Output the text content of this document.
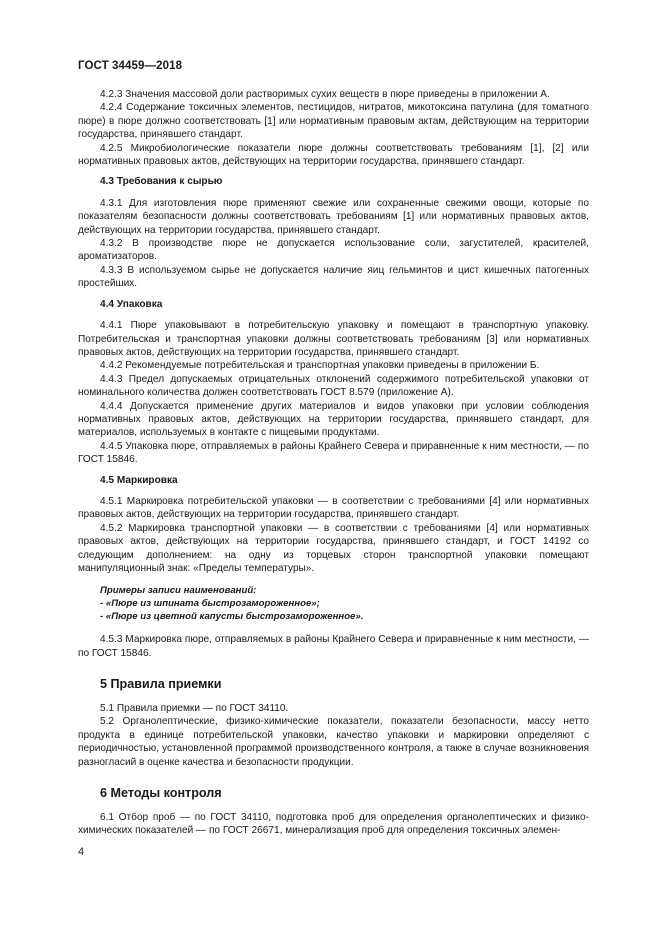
ГОСТ 34459—2018

4.2.3 Значения массовой доли растворимых сухих веществ в пюре приведены в приложении А.

4.2.4 Содержание токсичных элементов, пестицидов, нитратов, микотоксина патулина (для томатного пюре) в пюре должно соответствовать [1] или нормативным правовым актам, действующим на территории государства, принявшего стандарт.

4.2.5 Микробиологические показатели пюре должны соответствовать требованиям [1], [2] или нормативных правовых актов, действующих на территории государства, принявшего стандарт.

4.3 Требования к сырью

4.3.1 Для изготовления пюре применяют свежие или сохраненные свежими овощи, которые по показателям безопасности должны соответствовать требованиям [1] или нормативных правовых актов, действующих на территории государства, принявшего стандарт.

4.3.2 В производстве пюре не допускается использование соли, загустителей, красителей, ароматизаторов.

4.3.3 В используемом сырье не допускается наличие яиц гельминтов и цист кишечных патогенных простейших.

4.4 Упаковка

4.4.1 Пюре упаковывают в потребительскую упаковку и помещают в транспортную упаковку. Потребительская и транспортная упаковки должны соответствовать требованиям [3] или нормативных правовых актов, действующих на территории государства, принявшего стандарт.

4.4.2 Рекомендуемые потребительская и транспортная упаковки приведены в приложении Б.

4.4.3 Предел допускаемых отрицательных отклонений содержимого потребительской упаковки от номинального количества должен соответствовать ГОСТ 8.579 (приложение А).

4.4.4 Допускается применение других материалов и видов упаковки при условии соблюдения нормативных правовых актов, действующих на территории государства, принявшего стандарт, для материалов, используемых в контакте с пищевыми продуктами.

4.4.5 Упаковка пюре, отправляемых в районы Крайнего Севера и приравненные к ним местности, — по ГОСТ 15846.

4.5 Маркировка

4.5.1 Маркировка потребительской упаковки — в соответствии с требованиями [4] или нормативных правовых актов, действующих на территории государства, принявшего стандарт.

4.5.2 Маркировка транспортной упаковки — в соответствии с требованиями [4] или нормативных правовых актов, действующих на территории государства, принявшего стандарт, и ГОСТ 14192 со следующим дополнением: на одну из торцевых сторон транспортной упаковки помещают манипуляционный знак: «Пределы температуры».

Примеры записи наименований:
- «Пюре из шпината быстрозамороженное»;
- «Пюре из цветной капусты быстрозамороженное».

4.5.3 Маркировка пюре, отправляемых в районы Крайнего Севера и приравненные к ним местности, — по ГОСТ 15846.

5 Правила приемки

5.1 Правила приемки — по ГОСТ 34110.

5.2 Органолептические, физико-химические показатели, показатели безопасности, массу нетто продукта в единице потребительской упаковки, качество упаковки и маркировки определяют с периодичностью, установленной программой производственного контроля, а также в случае возникновения разногласий в оценке качества и безопасности продукции.

6 Методы контроля

6.1 Отбор проб — по ГОСТ 34110, подготовка проб для определения органолептических и физико-химических показателей — по ГОСТ 26671, минерализация проб для определения токсичных элемен-

4
